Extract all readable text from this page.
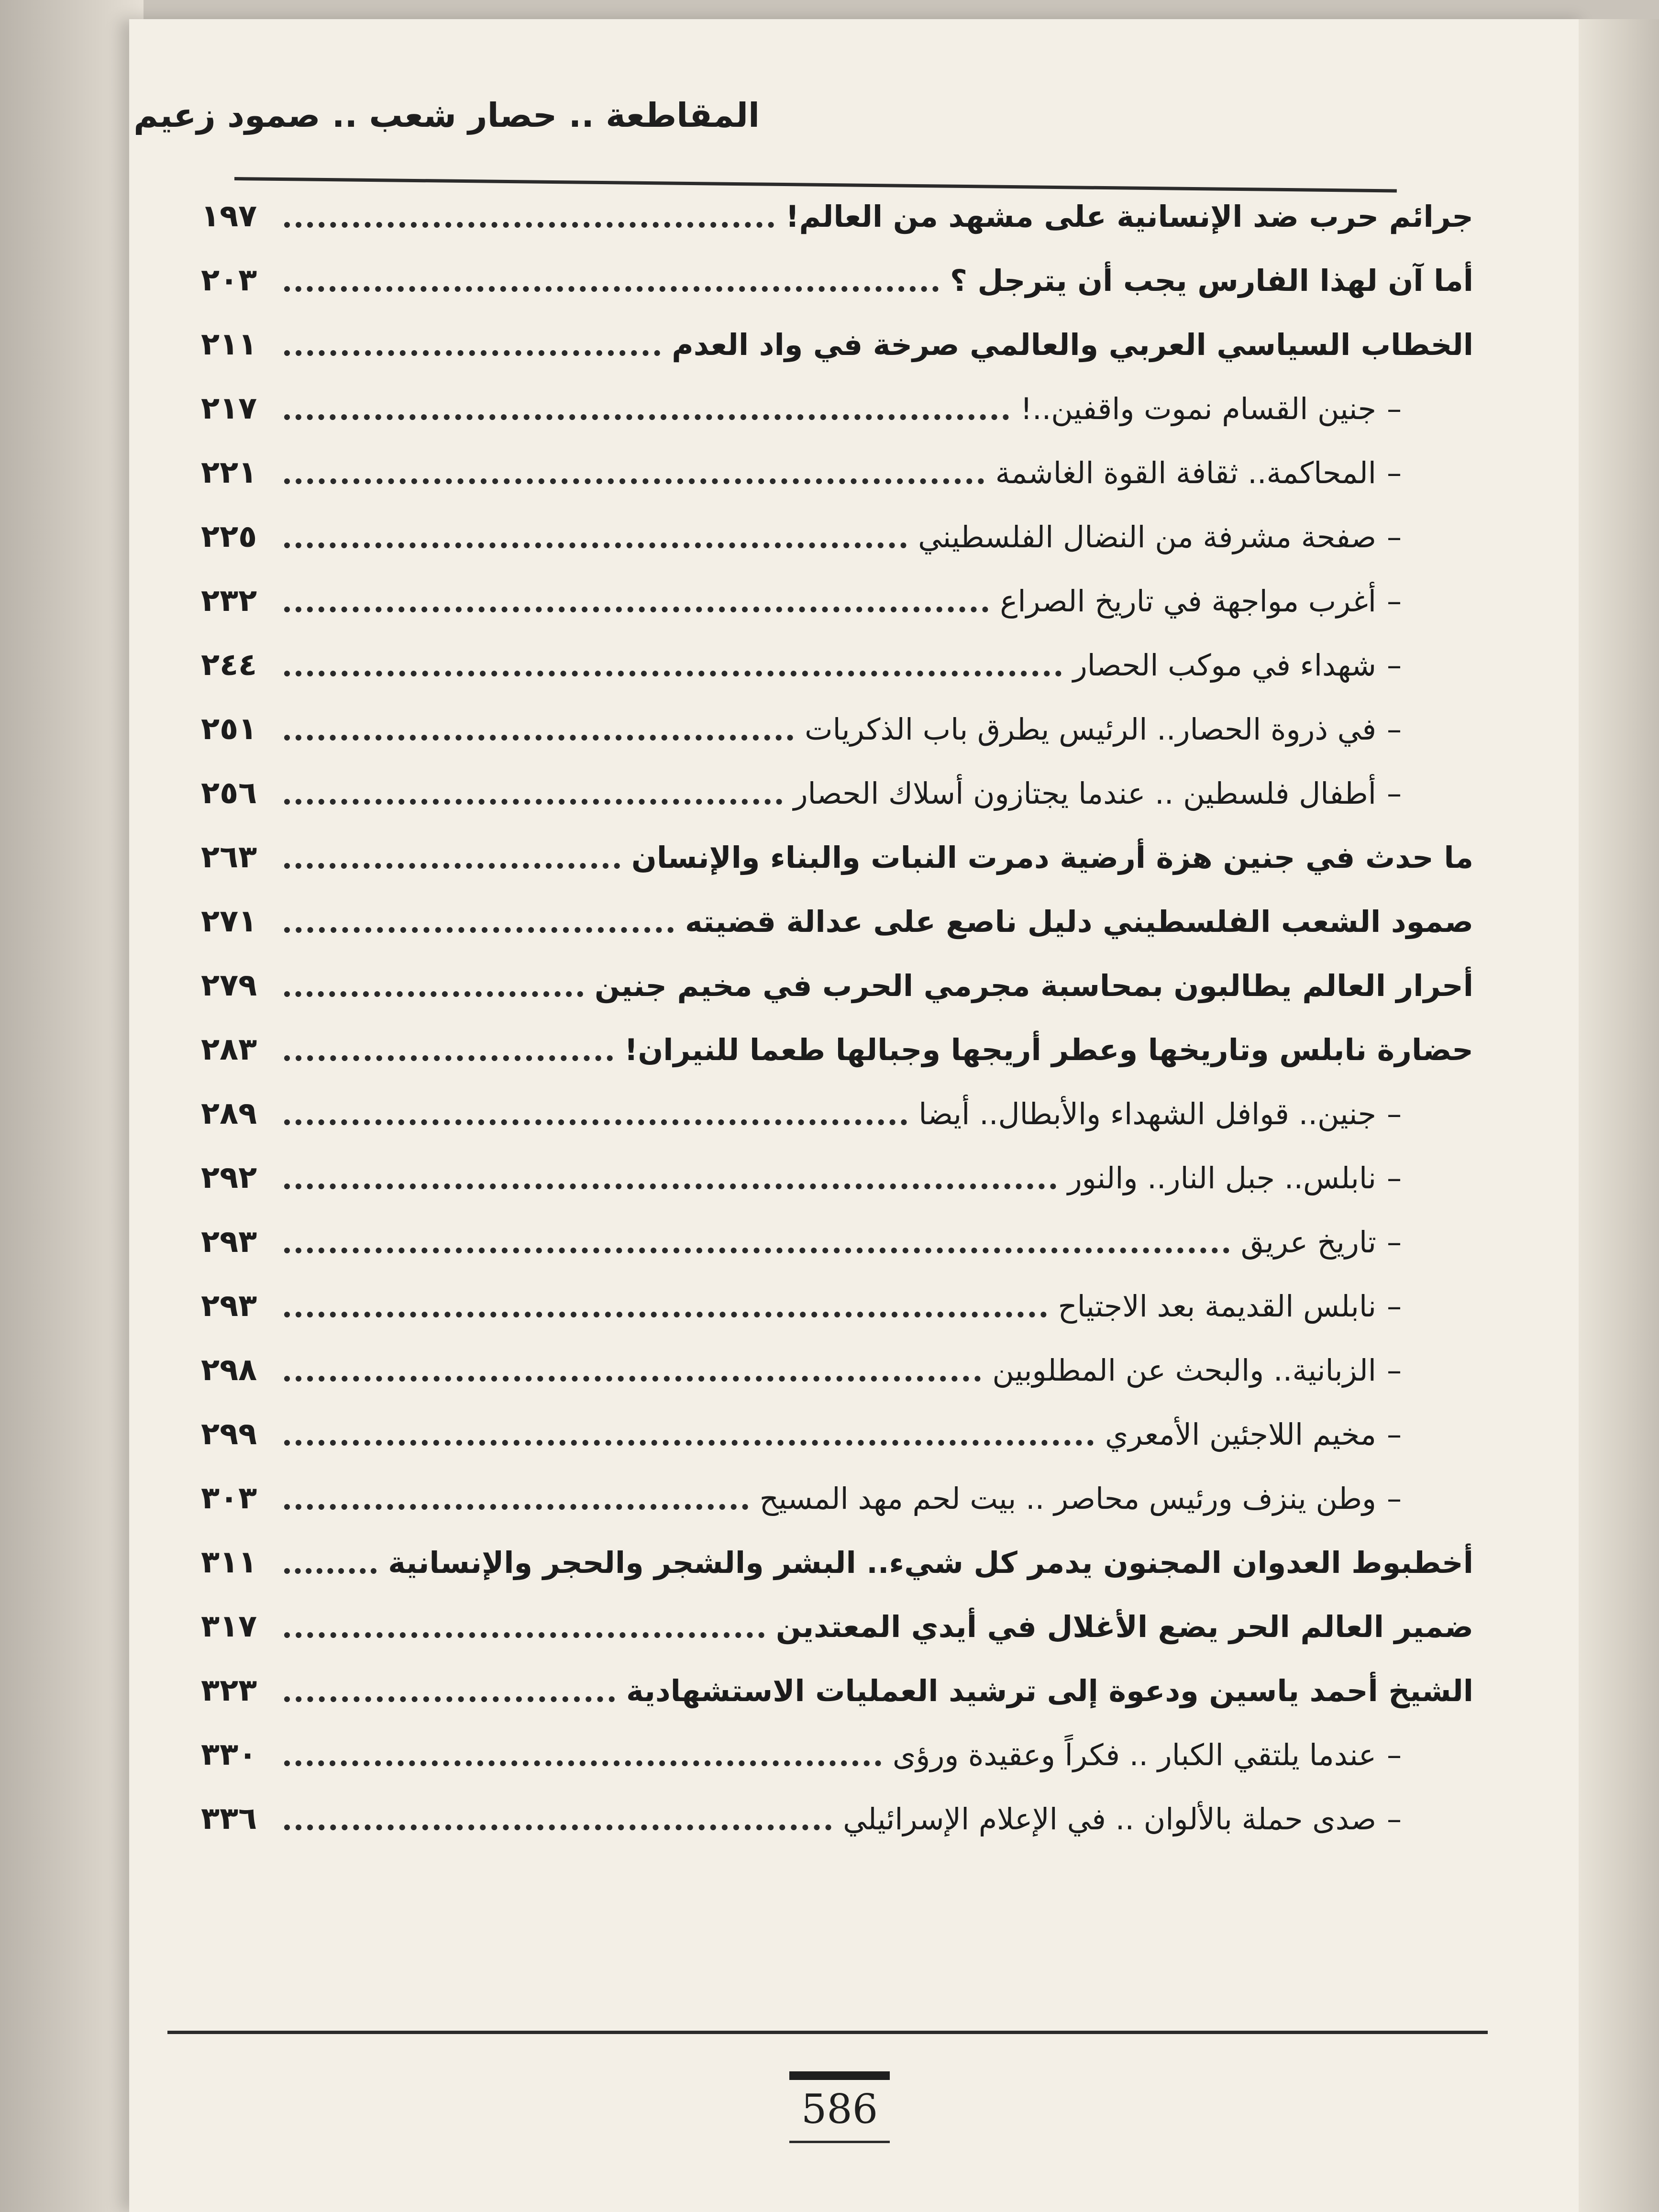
المقاطعة .. حصار شعب .. صمود زعيم
جرائم حرب ضد الإنسانية على مشهد من العالم!
١٩٧
أما آن لهذا الفارس يجب أن يترجل ؟
٢٠٣
الخطاب السياسي العربي والعالمي صرخة في واد العدم
٢١١
–جنين القسام نموت واقفين..!
٢١٧
–المحاكمة.. ثقافة القوة الغاشمة
٢٢١
–صفحة مشرفة من النضال الفلسطيني
٢٢٥
–أغرب مواجهة في تاريخ الصراع
٢٣٢
–شهداء في موكب الحصار
٢٤٤
–في ذروة الحصار.. الرئيس يطرق باب الذكريات
٢٥١
–أطفال فلسطين .. عندما يجتازون أسلاك الحصار
٢٥٦
ما حدث في جنين هزة أرضية دمرت النبات والبناء والإنسان
٢٦٣
صمود الشعب الفلسطيني دليل ناصع على عدالة قضيته
٢٧١
أحرار العالم يطالبون بمحاسبة مجرمي الحرب في مخيم جنين
٢٧٩
حضارة نابلس وتاريخها وعطر أريجها وجبالها طعما للنيران!
٢٨٣
–جنين.. قوافل الشهداء والأبطال.. أيضا
٢٨٩
–نابلس.. جبل النار.. والنور
٢٩٢
–تاريخ عريق
٢٩٣
–نابلس القديمة بعد الاجتياح
٢٩٣
–الزبانية.. والبحث عن المطلوبين
٢٩٨
–مخيم اللاجئين الأمعري
٢٩٩
–وطن ينزف ورئيس محاصر .. بيت لحم مهد المسيح
٣٠٣
أخطبوط العدوان المجنون يدمر كل شيء.. البشر والشجر والحجر والإنسانية
٣١١
ضمير العالم الحر يضع الأغلال في أيدي المعتدين
٣١٧
الشيخ أحمد ياسين ودعوة إلى ترشيد العمليات الاستشهادية
٣٢٣
–عندما يلتقي الكبار .. فكراً وعقيدة ورؤى
٣٣٠
–صدى حملة بالألوان .. في الإعلام الإسرائيلي
٣٣٦
586
